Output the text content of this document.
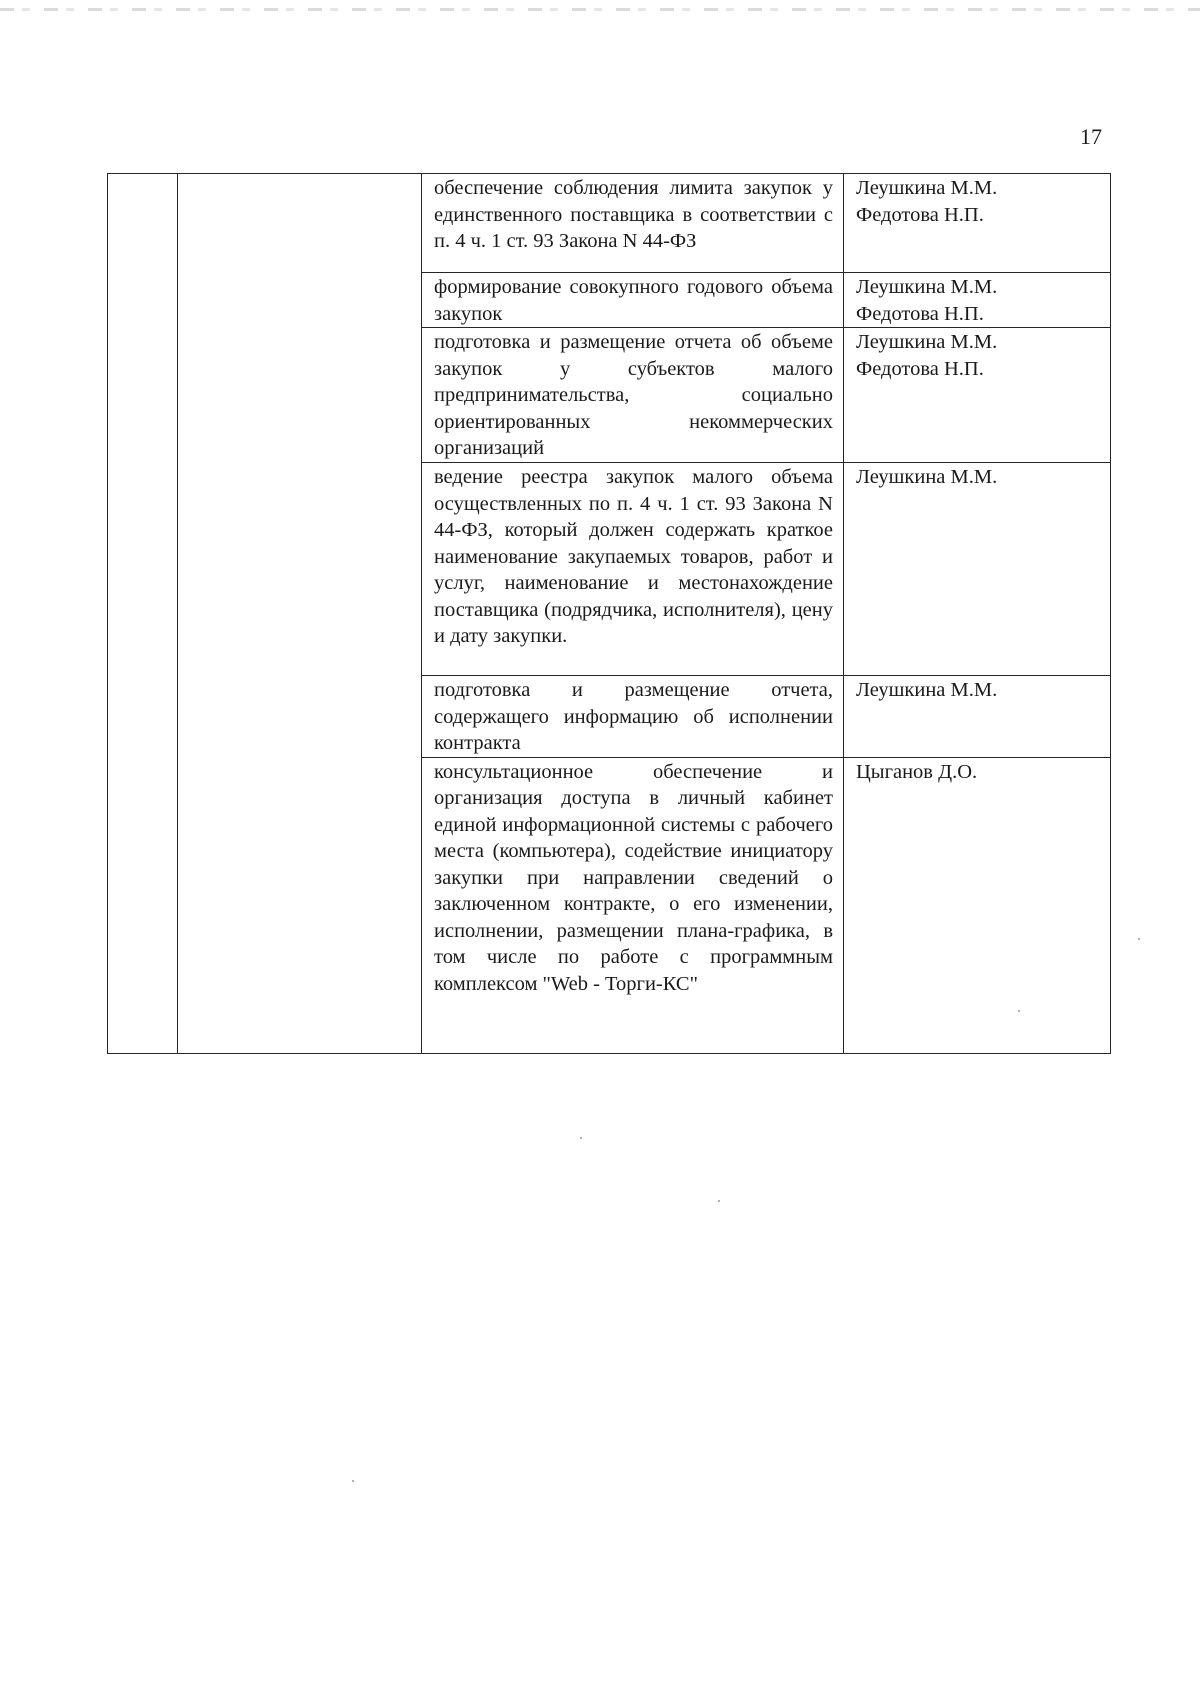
17
		обеспечение соблюдения лимита закупок у единственного поставщика в соответствии с п. 4 ч. 1 ст. 93 Закона N 44-ФЗ	Леушкина М.М.
Федотова Н.П.

		формирование совокупного годового объема закупок	Леушкина М.М.
Федотова Н.П.

		подготовка и размещение отчета об объеме закупок у субъектов малого предпринимательства, социально ориентированных некоммерческих организаций	Леушкина М.М.
Федотова Н.П.

		ведение реестра закупок малого объема осуществленных по п. 4 ч. 1 ст. 93 Закона N 44-ФЗ, который должен содержать краткое наименование закупаемых товаров, работ и услуг, наименование и местонахождение поставщика (подрядчика, исполнителя), цену и дату закупки.	Леушкина М.М.

		подготовка и размещение отчета, содержащего информацию об исполнении контракта	Леушкина М.М.

		консультационное обеспечение и организация доступа в личный кабинет единой информационной системы с рабочего места (компьютера), содействие инициатору закупки при направлении сведений о заключенном контракте, о его изменении, исполнении, размещении плана-графика, в том числе по работе с программным комплексом "Web - Торги-КС"	Цыганов Д.О.
